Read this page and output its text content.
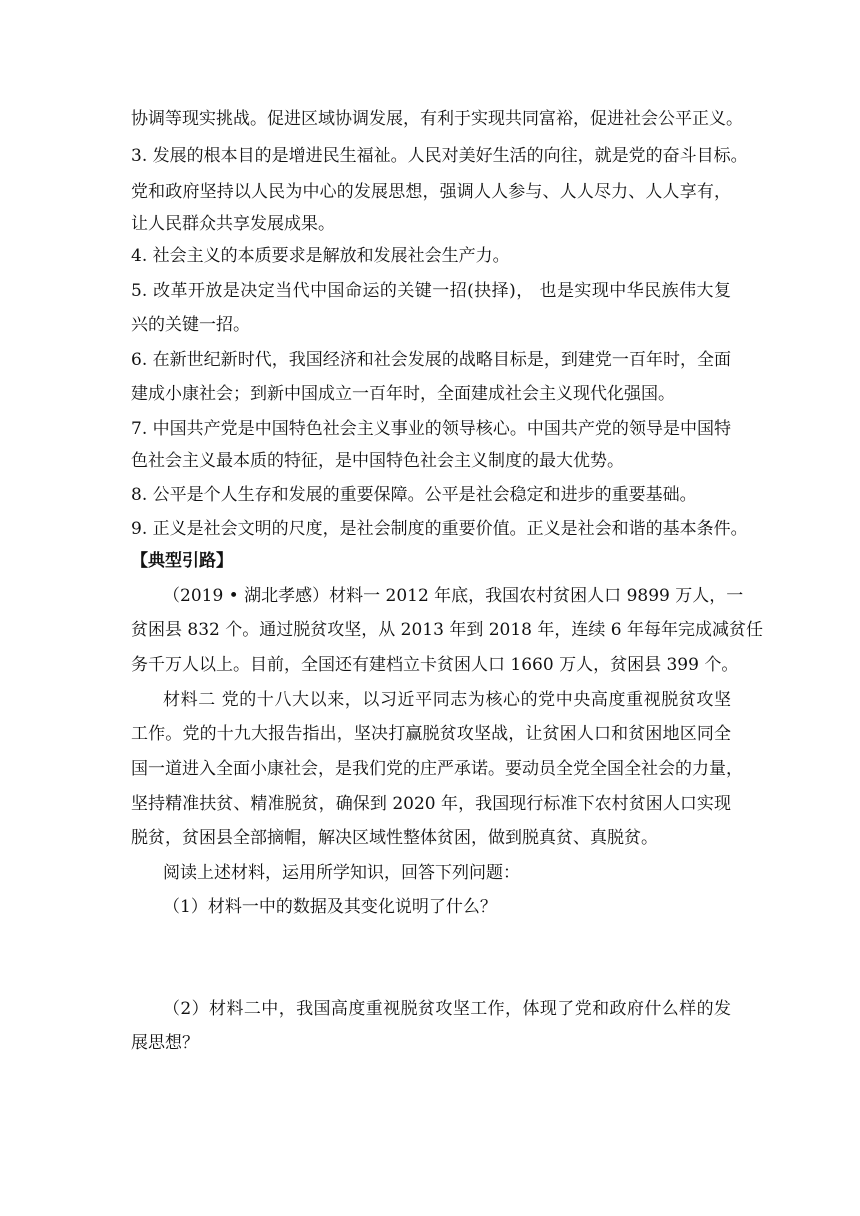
协调等现实挑战。促进区域协调发展，有利于实现共同富裕，促进社会公平正义。
3. 发展的根本目的是增进民生福祉。人民对美好生活的向往，就是党的奋斗目标。
党和政府坚持以人民为中心的发展思想，强调人人参与、人人尽力、人人享有，
让人民群众共享发展成果。
4. 社会主义的本质要求是解放和发展社会生产力。
5. 改革开放是决定当代中国命运的关键一招(抉择)， 也是实现中华民族伟大复
兴的关键一招。
6. 在新世纪新时代，我国经济和社会发展的战略目标是，到建党一百年时，全面
建成小康社会；到新中国成立一百年时，全面建成社会主义现代化强国。
7. 中国共产党是中国特色社会主义事业的领导核心。中国共产党的领导是中国特
色社会主义最本质的特征，是中国特色社会主义制度的最大优势。
8. 公平是个人生存和发展的重要保障。公平是社会稳定和进步的重要基础。
9. 正义是社会文明的尺度，是社会制度的重要价值。正义是社会和谐的基本条件。
【典型引路】
（2019 • 湖北孝感）材料一 2012 年底，我国农村贫困人口 9899 万人，一
贫困县 832 个。通过脱贫攻坚，从 2013 年到 2018 年，连续 6 年每年完成减贫任
务千万人以上。目前，全国还有建档立卡贫困人口 1660 万人，贫困县 399 个。
材料二 党的十八大以来，以习近平同志为核心的党中央高度重视脱贫攻坚
工作。党的十九大报告指出，坚决打赢脱贫攻坚战，让贫困人口和贫困地区同全
国一道进入全面小康社会，是我们党的庄严承诺。要动员全党全国全社会的力量，
坚持精准扶贫、精准脱贫，确保到 2020 年，我国现行标准下农村贫困人口实现
脱贫，贫困县全部摘帽，解决区域性整体贫困，做到脱真贫、真脱贫。
阅读上述材料，运用所学知识，回答下列问题：
（1）材料一中的数据及其变化说明了什么？
（2）材料二中，我国高度重视脱贫攻坚工作，体现了党和政府什么样的发
展思想？
